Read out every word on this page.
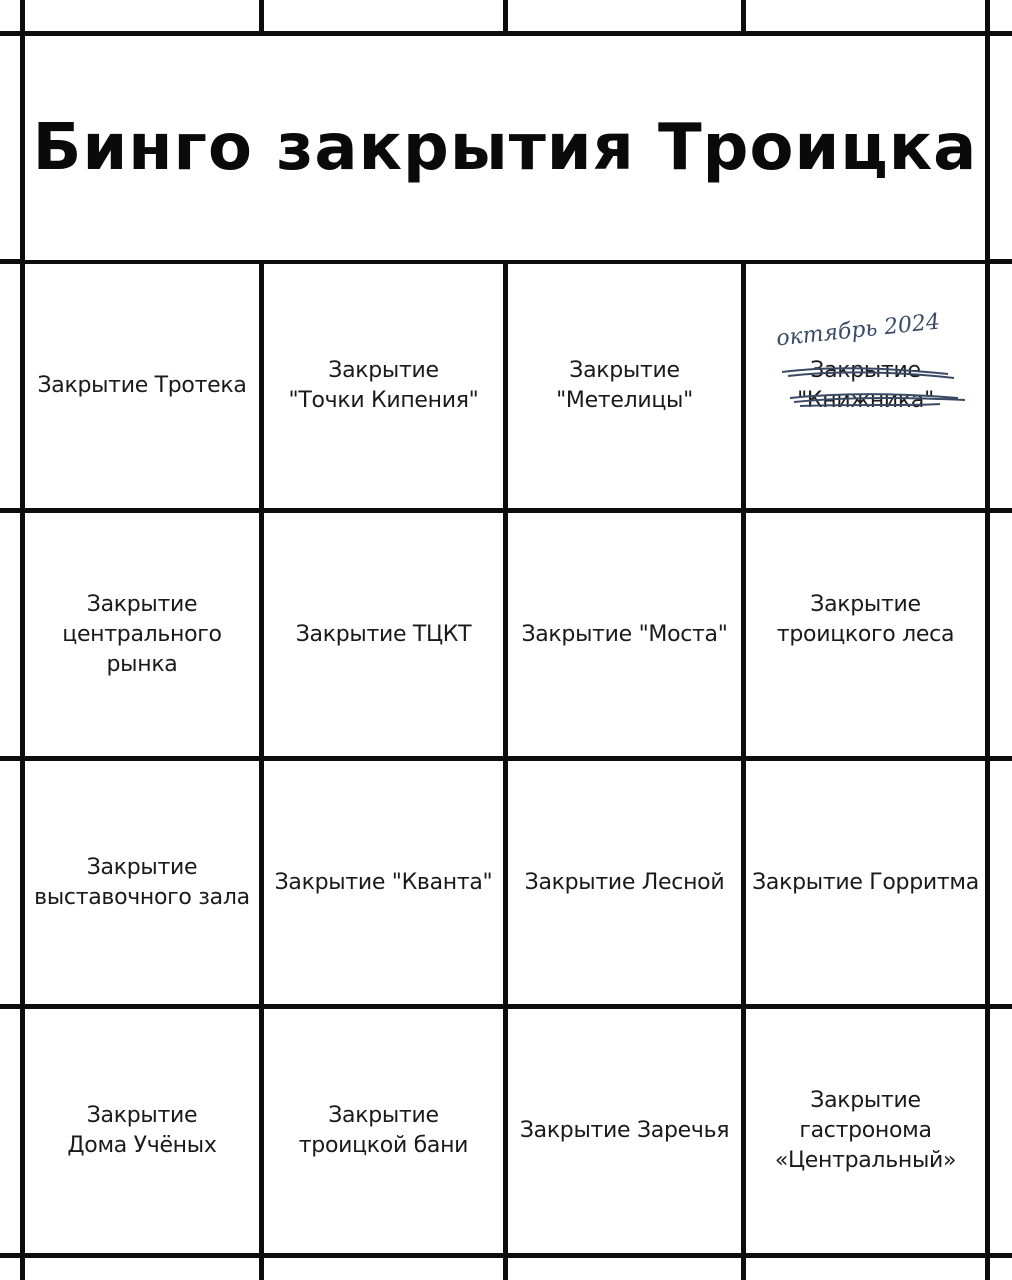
Бинго закрытия Троицка
Закрытие Тротека
Закрытие
"Точки Кипения"
Закрытие
"Метелицы"
Закрытие
"Книжника"
октябрь 2024
Закрытие
центрального рынка
Закрытие ТЦКТ Закрытие "Моста"
Закрытие
троицкого леса
Закрытие
выставочного зала
Закрытие "Кванта" Закрытие Лесной Закрытие Горритма
Закрытие
Дома Учёных
Закрытие
троицкой бани
Закрытие Заречья
Закрытие
гастронома
«Центральный»
